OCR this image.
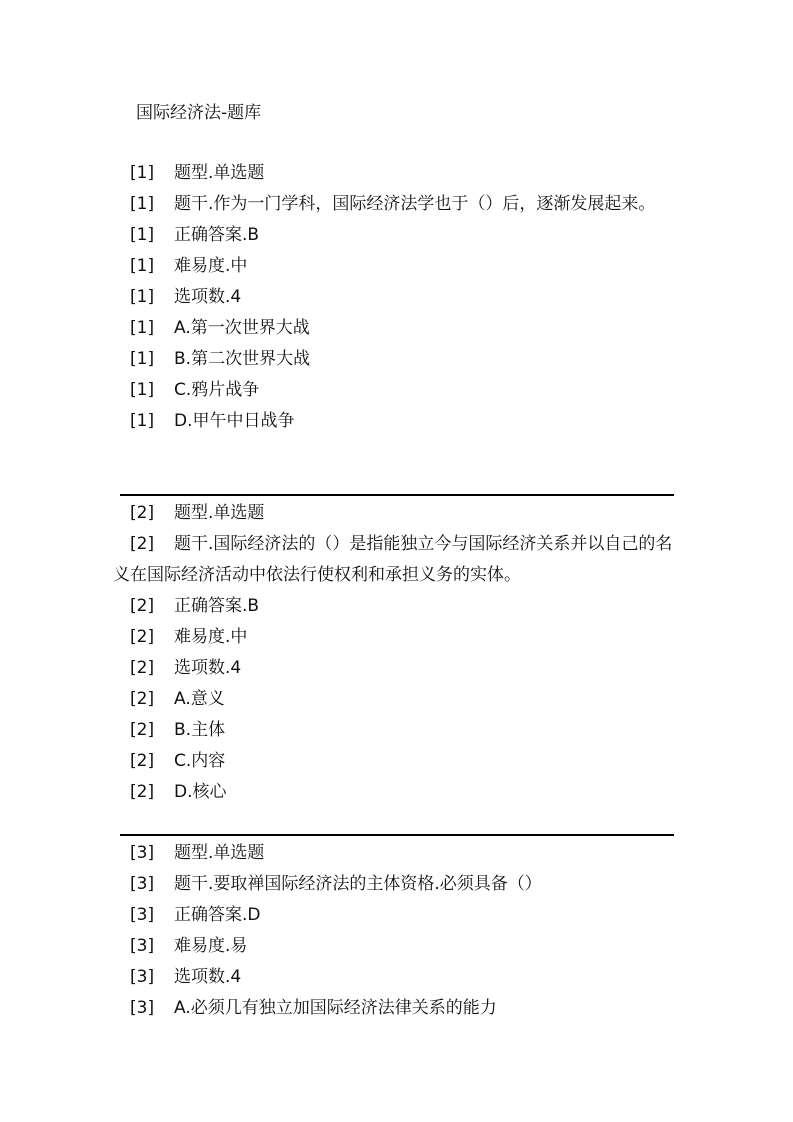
国际经济法-题库

[1] 题型.单选题

[1] 题干.作为一门学科，国际经济法学也于（）后，逐渐发展起来。

[1] 正确答案.B

[1] 难易度.中

[1] 选项数.4

[1] A.第一次世界大战

[1] B.第二次世界大战

[1] C.鸦片战争

[1] D.甲午中日战争

[2] 题型.单选题

[2] 题干.国际经济法的（）是指能独立今与国际经济关系并以自己的名义在国际经济活动中依法行使权利和承担义务的实体。

[2] 正确答案.B

[2] 难易度.中

[2] 选项数.4

[2] A.意义

[2] B.主体

[2] C.内容

[2] D.核心

[3] 题型.单选题

[3] 题干.要取禅国际经济法的主体资格.必须具备（）

[3] 正确答案.D

[3] 难易度.易

[3] 选项数.4

[3] A.必须几有独立加国际经济法律关系的能力
